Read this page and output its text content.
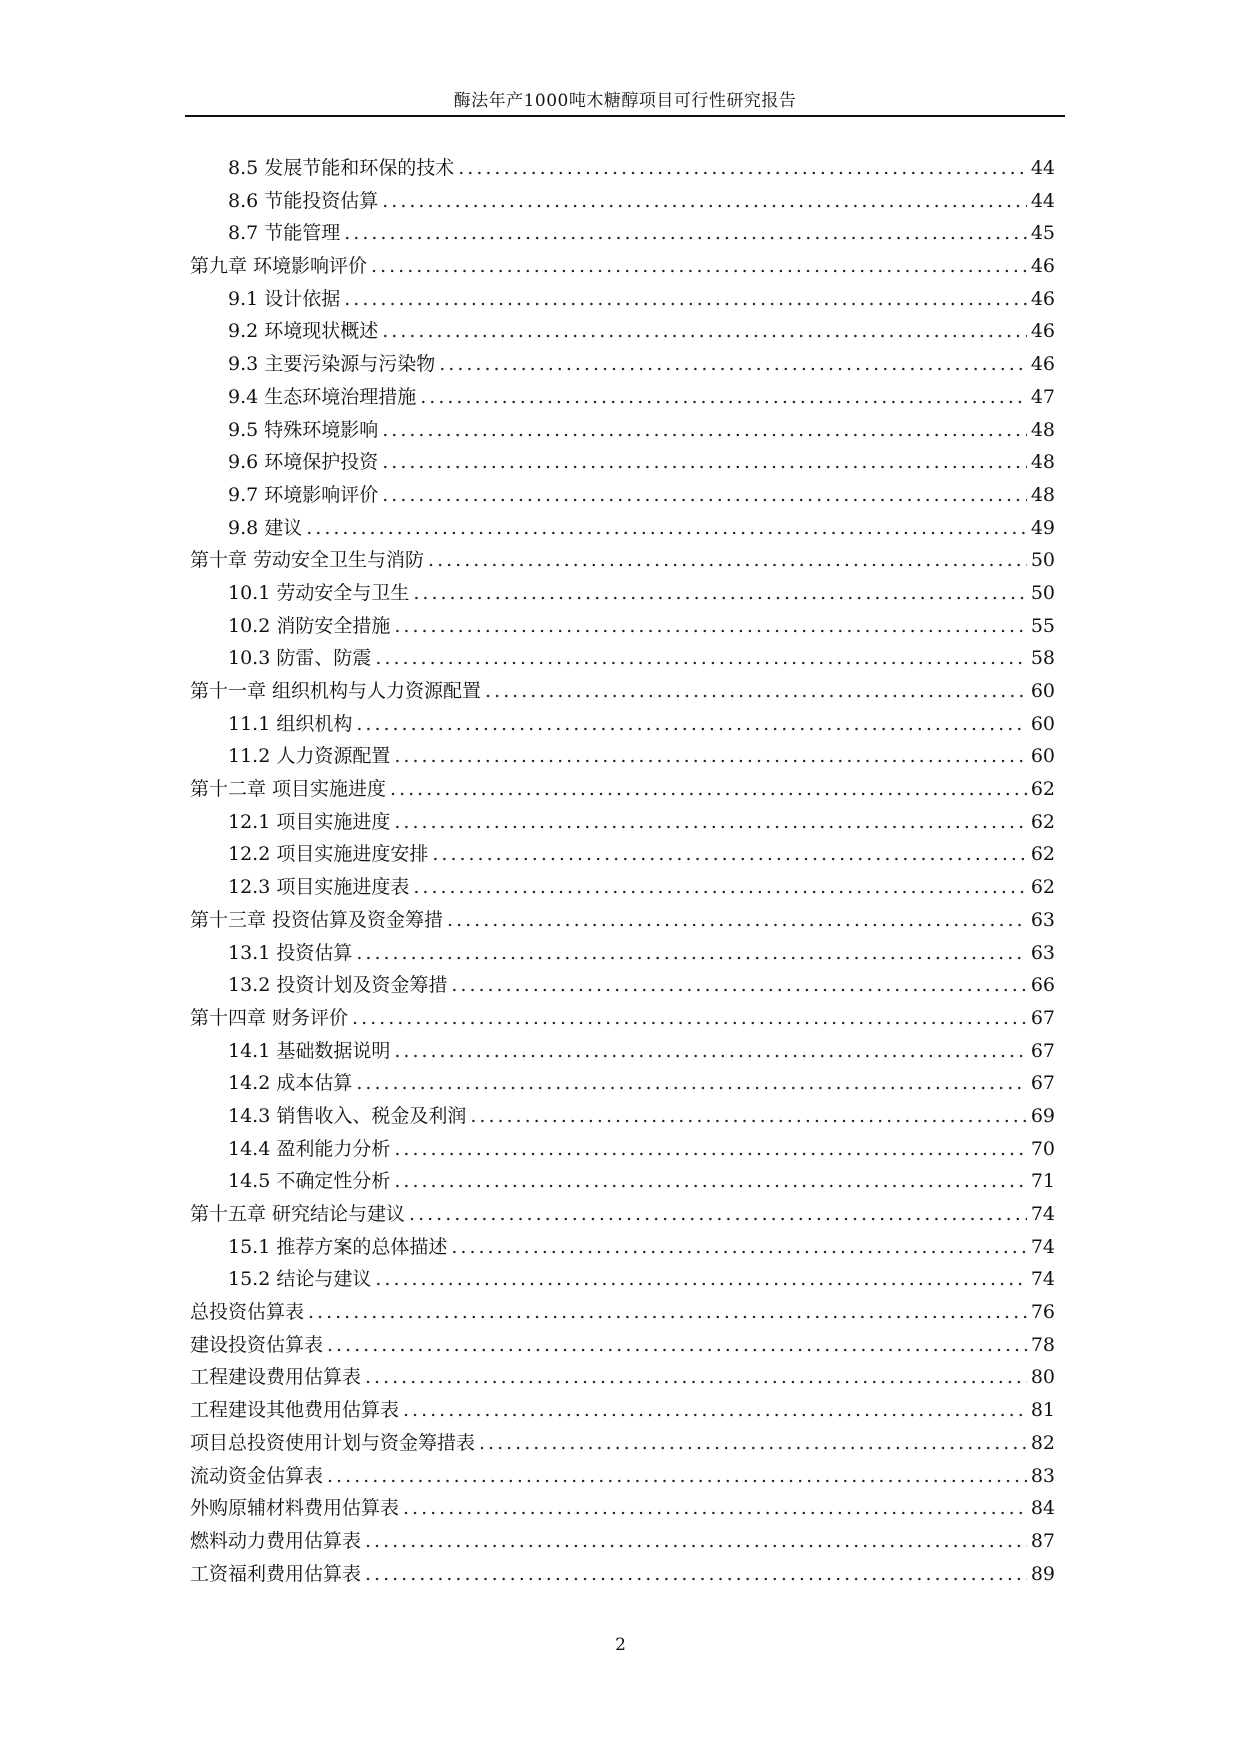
酶法年产1000吨木糖醇项目可行性研究报告
8.5 发展节能和环保的技术 .....	44
8.6 节能投资估算 .....	44
8.7 节能管理 .....	45
第九章 环境影响评价 .....	46
9.1 设计依据 .....	46
9.2 环境现状概述 .....	46
9.3 主要污染源与污染物 .....	46
9.4 生态环境治理措施 .....	47
9.5 特殊环境影响 .....	48
9.6 环境保护投资 .....	48
9.7 环境影响评价 .....	48
9.8 建议 .....	49
第十章 劳动安全卫生与消防 .....	50
10.1 劳动安全与卫生 .....	50
10.2 消防安全措施 .....	55
10.3 防雷、防震 .....	58
第十一章 组织机构与人力资源配置 .....	60
11.1 组织机构 .....	60
11.2 人力资源配置 .....	60
第十二章 项目实施进度 .....	62
12.1 项目实施进度 .....	62
12.2 项目实施进度安排 .....	62
12.3 项目实施进度表 .....	62
第十三章 投资估算及资金筹措 .....	63
13.1 投资估算 .....	63
13.2 投资计划及资金筹措 .....	66
第十四章 财务评价 .....	67
14.1 基础数据说明 .....	67
14.2 成本估算 .....	67
14.3 销售收入、税金及利润 .....	69
14.4 盈利能力分析 .....	70
14.5 不确定性分析 .....	71
第十五章 研究结论与建议 .....	74
15.1 推荐方案的总体描述 .....	74
15.2 结论与建议 .....	74
总投资估算表 .....	76
建设投资估算表 .....	78
工程建设费用估算表 .....	80
工程建设其他费用估算表 .....	81
项目总投资使用计划与资金筹措表 .....	82
流动资金估算表 .....	83
外购原辅材料费用估算表 .....	84
燃料动力费用估算表 .....	87
工资福利费用估算表 .....	89
2
